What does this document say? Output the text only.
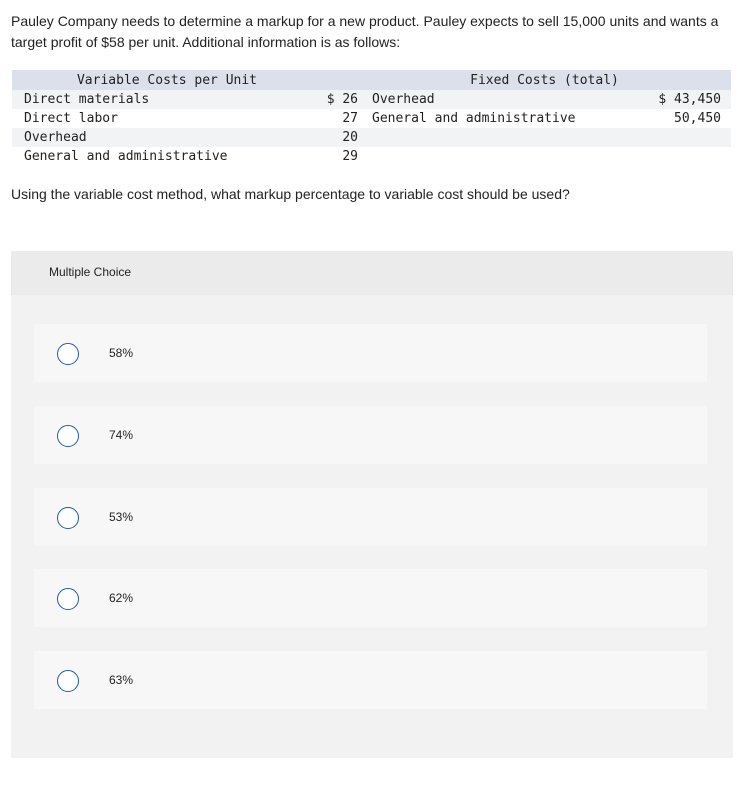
Pauley Company needs to determine a markup for a new product. Pauley expects to sell 15,000 units and wants a target profit of $58 per unit. Additional information is as follows:
Variable Costs per Unit		Fixed Costs (total)	
Direct materials	$ 26	Overhead	$ 43,450
Direct labor	27	General and administrative	50,450
Overhead	20		
General and administrative	29		
Using the variable cost method, what markup percentage to variable cost should be used?
Multiple Choice
58%
74%
53%
62%
63%
